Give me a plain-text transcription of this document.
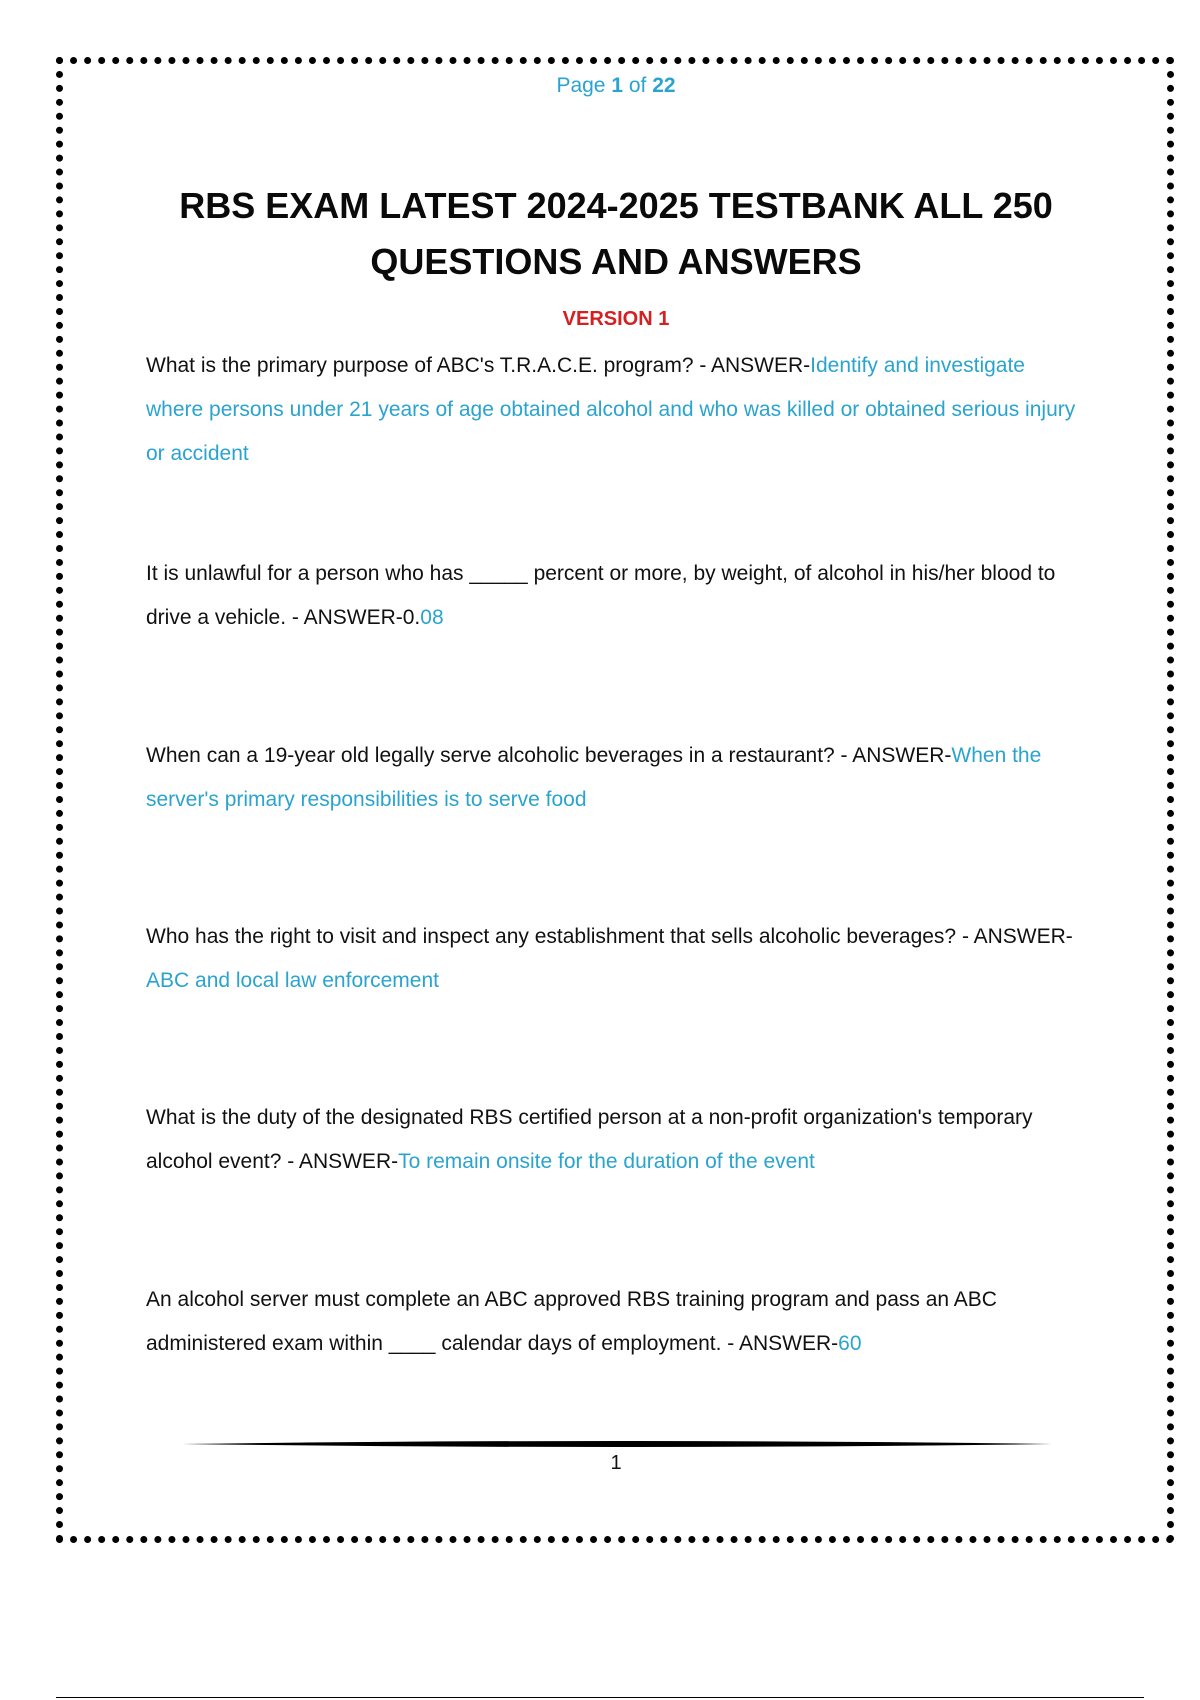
Page 1 of 22
RBS EXAM LATEST 2024-2025 TESTBANK ALL 250 QUESTIONS AND ANSWERS
VERSION 1
What is the primary purpose of ABC's T.R.A.C.E. program? - ANSWER-Identify and investigate where persons under 21 years of age obtained alcohol and who was killed or obtained serious injury or accident
It is unlawful for a person who has _____ percent or more, by weight, of alcohol in his/her blood to drive a vehicle. - ANSWER-0.08
When can a 19-year old legally serve alcoholic beverages in a restaurant? - ANSWER-When the server's primary responsibilities is to serve food
Who has the right to visit and inspect any establishment that sells alcoholic beverages? - ANSWER-ABC and local law enforcement
What is the duty of the designated RBS certified person at a non-profit organization's temporary alcohol event? - ANSWER-To remain onsite for the duration of the event
An alcohol server must complete an ABC approved RBS training program and pass an ABC administered exam within ____ calendar days of employment. - ANSWER-60
1
